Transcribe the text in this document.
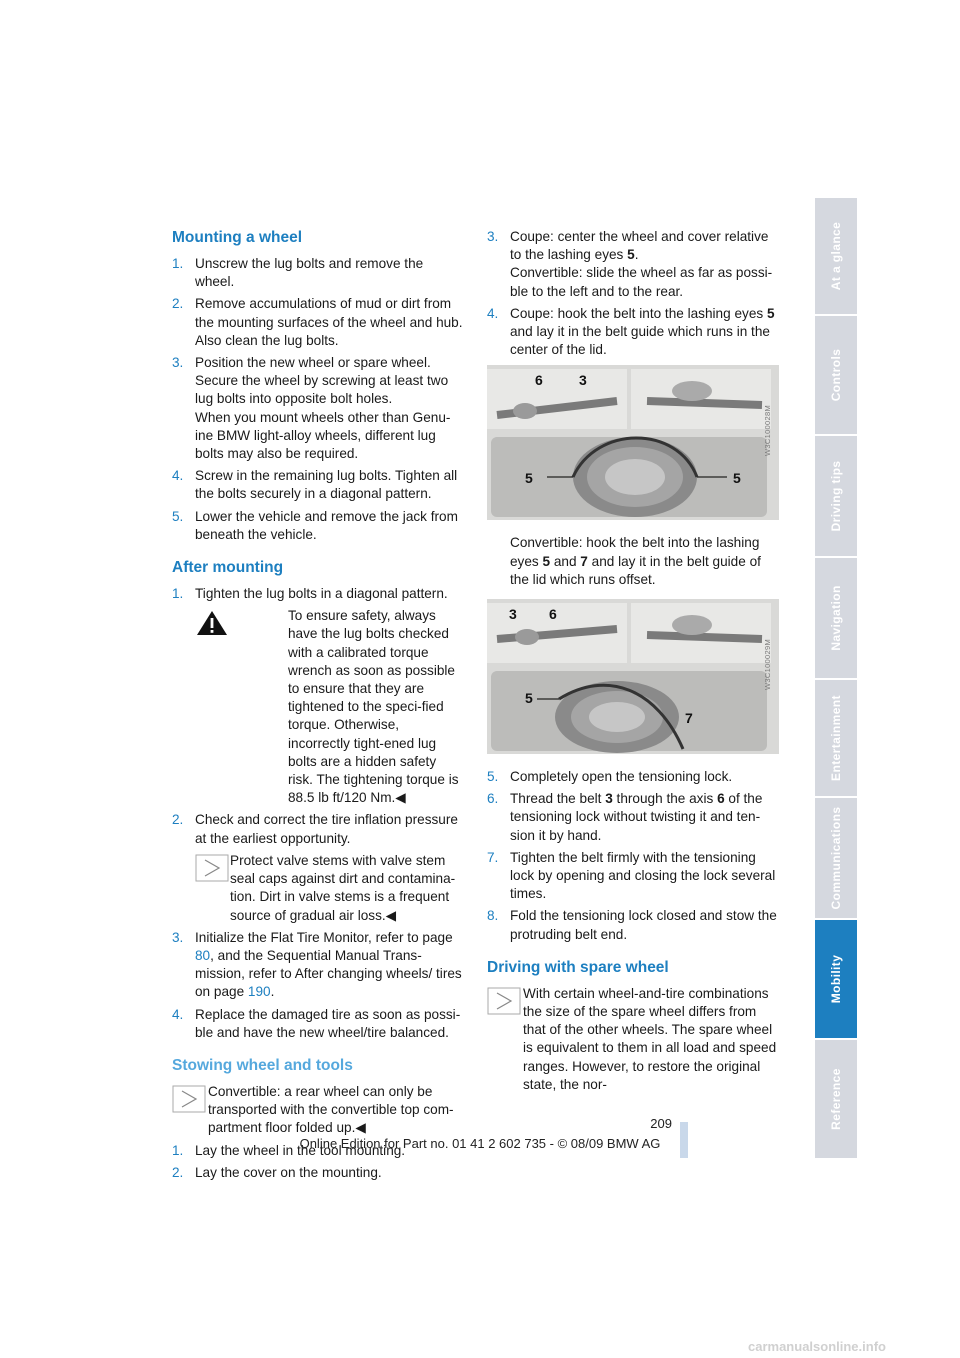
Mounting a wheel
1. Unscrew the lug bolts and remove the wheel.

2. Remove accumulations of mud or dirt from the mounting surfaces of the wheel and hub. Also clean the lug bolts.

3. Position the new wheel or spare wheel. Secure the wheel by screwing at least two lug bolts into opposite bolt holes.

When you mount wheels other than Genu-ine BMW light-alloy wheels, different lug bolts may also be required.

4. Screw in the remaining lug bolts. Tighten all the bolts securely in a diagonal pattern.

5. Lower the vehicle and remove the jack from beneath the vehicle.

After mounting
1. Tighten the lug bolts in a diagonal pattern.

To ensure safety, always have the lug bolts checked with a calibrated torque wrench as soon as possible to ensure that they are tightened to the speci-fied torque. Otherwise, incorrectly tight-ened lug bolts are a hidden safety risk. The tightening torque is 88.5 lb ft/120 Nm.◀

2. Check and correct the tire inflation pressure at the earliest opportunity.

Protect valve stems with valve stem seal caps against dirt and contamina-tion. Dirt in valve stems is a frequent source of gradual air loss.◀

3. Initialize the Flat Tire Monitor, refer to page 80, and the Sequential Manual Trans-mission, refer to After changing wheels/ tires on page 190.

4. Replace the damaged tire as soon as possi-ble and have the new wheel/tire balanced.

Stowing wheel and tools

Convertible: a rear wheel can only be transported with the convertible top com-partment floor folded up.◀

1. Lay the wheel in the tool mounting.

2. Lay the cover on the mounting.

3. Coupe: center the wheel and cover relative to the lashing eyes 5.

Convertible: slide the wheel as far as possi-ble to the left and to the rear.

4. Coupe: hook the belt into the lashing eyes 5 and lay it in the belt guide which runs in the center of the lid.

6	3
5	5
W3C100028M

Convertible: hook the belt into the lashing eyes 5 and 7 and lay it in the belt guide of the lid which runs offset.

3 6
5
7
W3C100029M
5. Completely open the tensioning lock.

6. Thread the belt 3 through the axis 6 of the tensioning lock without twisting it and ten-sion it by hand.

7. Tighten the belt firmly with the tensioning lock by opening and closing the lock several times.

8. Fold the tensioning lock closed and stow the protruding belt end.

Driving with spare wheel

With certain wheel-and-tire combinations the size of the spare wheel differs from that of the other wheels. The spare wheel is equivalent to them in all load and speed ranges. However, to restore the original state, the nor-

At a glance
Controls
Driving tips
Navigation
Entertainment
Communications
Mobility
Reference
209
Online Edition for Part no. 01 41 2 602 735 - © 08/09 BMW AG
carmanualsonline.info
